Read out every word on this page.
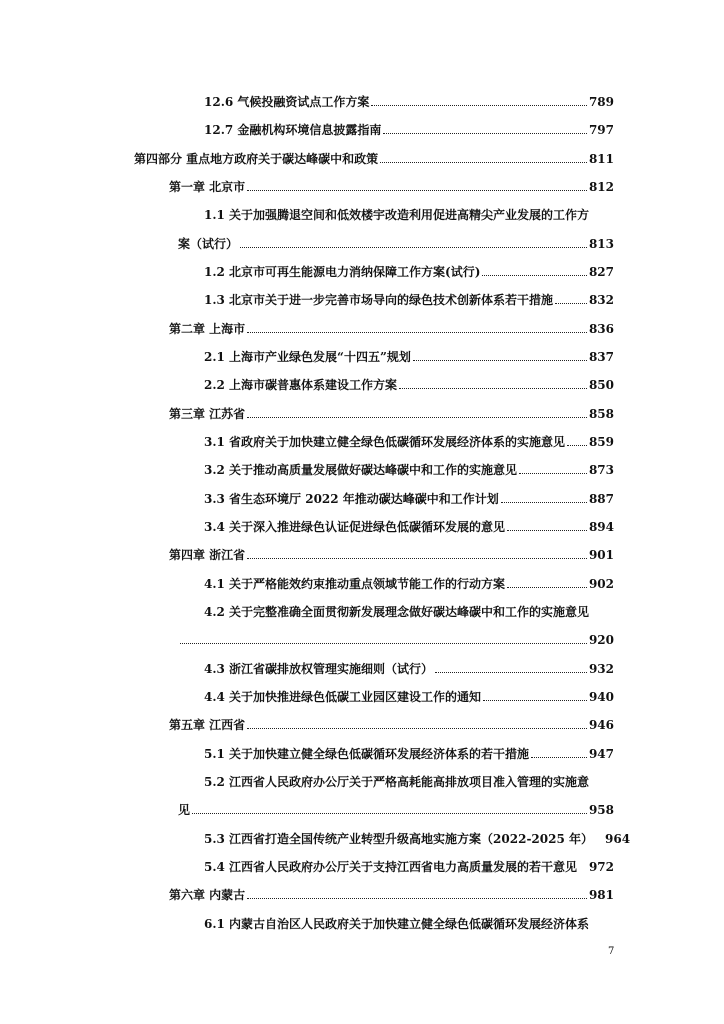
12.6 气候投融资试点工作方案	789
12.7 金融机构环境信息披露指南	797
第四部分 重点地方政府关于碳达峰碳中和政策	811
第一章 北京市	812
1.1 关于加强腾退空间和低效楼宇改造利用促进高精尖产业发展的工作方
案（试行）	813
1.2 北京市可再生能源电力消纳保障工作方案(试行)	827
1.3 北京市关于进一步完善市场导向的绿色技术创新体系若干措施	832
第二章 上海市	836
2.1 上海市产业绿色发展“十四五”规划	837
2.2 上海市碳普惠体系建设工作方案	850
第三章 江苏省	858
3.1 省政府关于加快建立健全绿色低碳循环发展经济体系的实施意见 859
3.2 关于推动高质量发展做好碳达峰碳中和工作的实施意见	873
3.3 省生态环境厅 2022 年推动碳达峰碳中和工作计划	887
3.4 关于深入推进绿色认证促进绿色低碳循环发展的意见	894
第四章 浙江省	901
4.1 关于严格能效约束推动重点领域节能工作的行动方案	902
4.2 关于完整准确全面贯彻新发展理念做好碳达峰碳中和工作的实施意见
920
4.3 浙江省碳排放权管理实施细则（试行）	932
4.4 关于加快推进绿色低碳工业园区建设工作的通知	940
第五章 江西省	946
5.1 关于加快建立健全绿色低碳循环发展经济体系的若干措施	947
5.2 江西省人民政府办公厅关于严格高耗能高排放项目准入管理的实施意
见	958
5.3 江西省打造全国传统产业转型升级高地实施方案（2022-2025 年） 964
5.4 江西省人民政府办公厅关于支持江西省电力高质量发展的若干意见 972
第六章 内蒙古	981
6.1 内蒙古自治区人民政府关于加快建立健全绿色低碳循环发展经济体系
7
